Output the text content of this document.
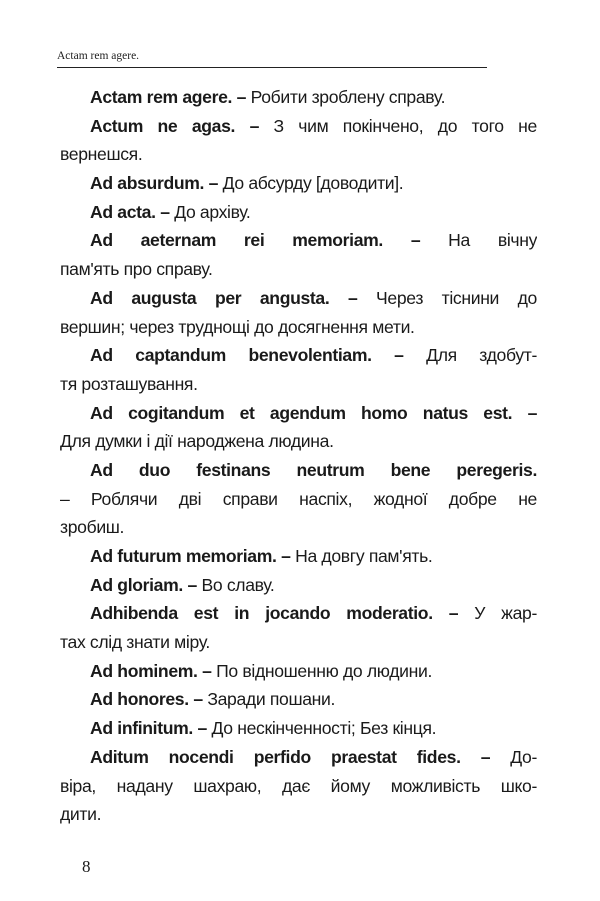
Actam rem agere.
Actam rem agere. – Робити зроблену справу.
Actum ne agas. – З чим покінчено, до того не
вернешся.
Ad absurdum. – До абсурду [доводити].
Ad acta. – До архіву.
Ad aeternam rei memoriam. – На вічну
пам'ять про справу.
Ad augusta per angusta. – Через тіснини до
вершин; через труднощі до досягнення мети.
Ad captandum benevolentiam. – Для здобут-
тя розташування.
Ad cogitandum et agendum homo natus est. –
Для думки і дії народжена людина.
Ad duo festinans neutrum bene peregeris.
– Роблячи дві справи наспіх, жодної добре не
зробиш.
Ad futurum memoriam. – На довгу пам'ять.
Ad gloriam. – Во славу.
Adhibenda est in jocando moderatio. – У жар-
тах слід знати міру.
Ad hominem. – По відношенню до людини.
Ad honores. – Заради пошани.
Ad infinitum. – До нескінченності; Без кінця.
Aditum nocendi perfido praestat fides. – До-
віра, надану шахраю, дає йому можливість шко-
дити.
8
